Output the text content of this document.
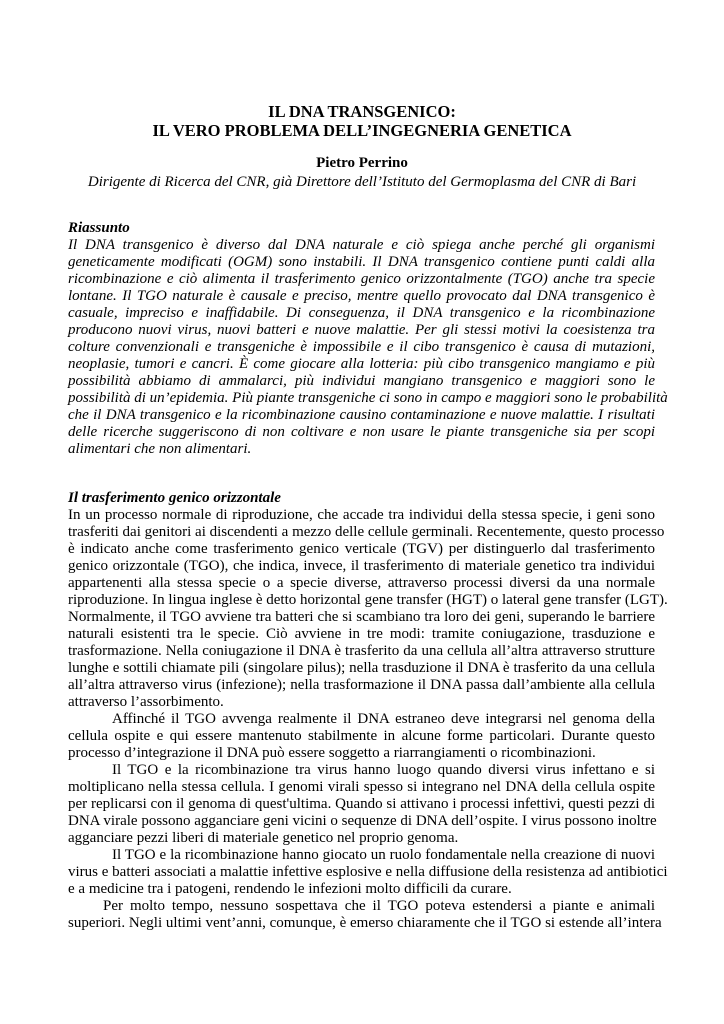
IL DNA TRANSGENICO:
IL VERO PROBLEMA DELL’INGEGNERIA GENETICA
Pietro Perrino
Dirigente di Ricerca del CNR, già Direttore dell’Istituto del Germoplasma del CNR di Bari
Riassunto
Il DNA transgenico è diverso dal DNA naturale e ciò spiega anche perché gli organismi
geneticamente modificati (OGM) sono instabili. Il DNA transgenico contiene punti caldi alla
ricombinazione e ciò alimenta il trasferimento genico orizzontalmente (TGO) anche tra specie
lontane. Il TGO naturale è causale e preciso, mentre quello provocato dal DNA transgenico è
casuale, impreciso e inaffidabile. Di conseguenza, il DNA transgenico e la ricombinazione
producono nuovi virus, nuovi batteri e nuove malattie. Per gli stessi motivi la coesistenza tra
colture convenzionali e transgeniche è impossibile e il cibo transgenico è causa di mutazioni,
neoplasie, tumori e cancri. È come giocare alla lotteria: più cibo transgenico mangiamo e più
possibilità abbiamo di ammalarci, più individui mangiano transgenico e maggiori sono le
possibilità di un’epidemia. Più piante transgeniche ci sono in campo e maggiori sono le probabilità
che il DNA transgenico e la ricombinazione causino contaminazione e nuove malattie. I risultati
delle ricerche suggeriscono di non coltivare e non usare le piante transgeniche sia per scopi
alimentari che non alimentari.
Il trasferimento genico orizzontale
In un processo normale di riproduzione, che accade tra individui della stessa specie, i geni sono
trasferiti dai genitori ai discendenti a mezzo delle cellule germinali. Recentemente, questo processo
è indicato anche come trasferimento genico verticale (TGV) per distinguerlo dal trasferimento
genico orizzontale (TGO), che indica, invece, il trasferimento di materiale genetico tra individui
appartenenti alla stessa specie o a specie diverse, attraverso processi diversi da una normale
riproduzione. In lingua inglese è detto horizontal gene transfer (HGT) o lateral gene transfer (LGT).
Normalmente, il TGO avviene tra batteri che si scambiano tra loro dei geni, superando le barriere
naturali esistenti tra le specie. Ciò avviene in tre modi: tramite coniugazione, trasduzione e
trasformazione. Nella coniugazione il DNA è trasferito da una cellula all’altra attraverso strutture
lunghe e sottili chiamate pili (singolare pilus); nella trasduzione il DNA è trasferito da una cellula
all’altra attraverso virus (infezione); nella trasformazione il DNA passa dall’ambiente alla cellula
attraverso l’assorbimento.
Affinché il TGO avvenga realmente il DNA estraneo deve integrarsi nel genoma della
cellula ospite e qui essere mantenuto stabilmente in alcune forme particolari. Durante questo
processo d’integrazione il DNA può essere soggetto a riarrangiamenti o ricombinazioni.
Il TGO e la ricombinazione tra virus hanno luogo quando diversi virus infettano e si
moltiplicano nella stessa cellula. I genomi virali spesso si integrano nel DNA della cellula ospite
per replicarsi con il genoma di quest'ultima. Quando si attivano i processi infettivi, questi pezzi di
DNA virale possono agganciare geni vicini o sequenze di DNA dell’ospite. I virus possono inoltre
agganciare pezzi liberi di materiale genetico nel proprio genoma.
Il TGO e la ricombinazione hanno giocato un ruolo fondamentale nella creazione di nuovi
virus e batteri associati a malattie infettive esplosive e nella diffusione della resistenza ad antibiotici
e a medicine tra i patogeni, rendendo le infezioni molto difficili da curare.
Per molto tempo, nessuno sospettava che il TGO poteva estendersi a piante e animali
superiori. Negli ultimi vent’anni, comunque, è emerso chiaramente che il TGO si estende all’intera
